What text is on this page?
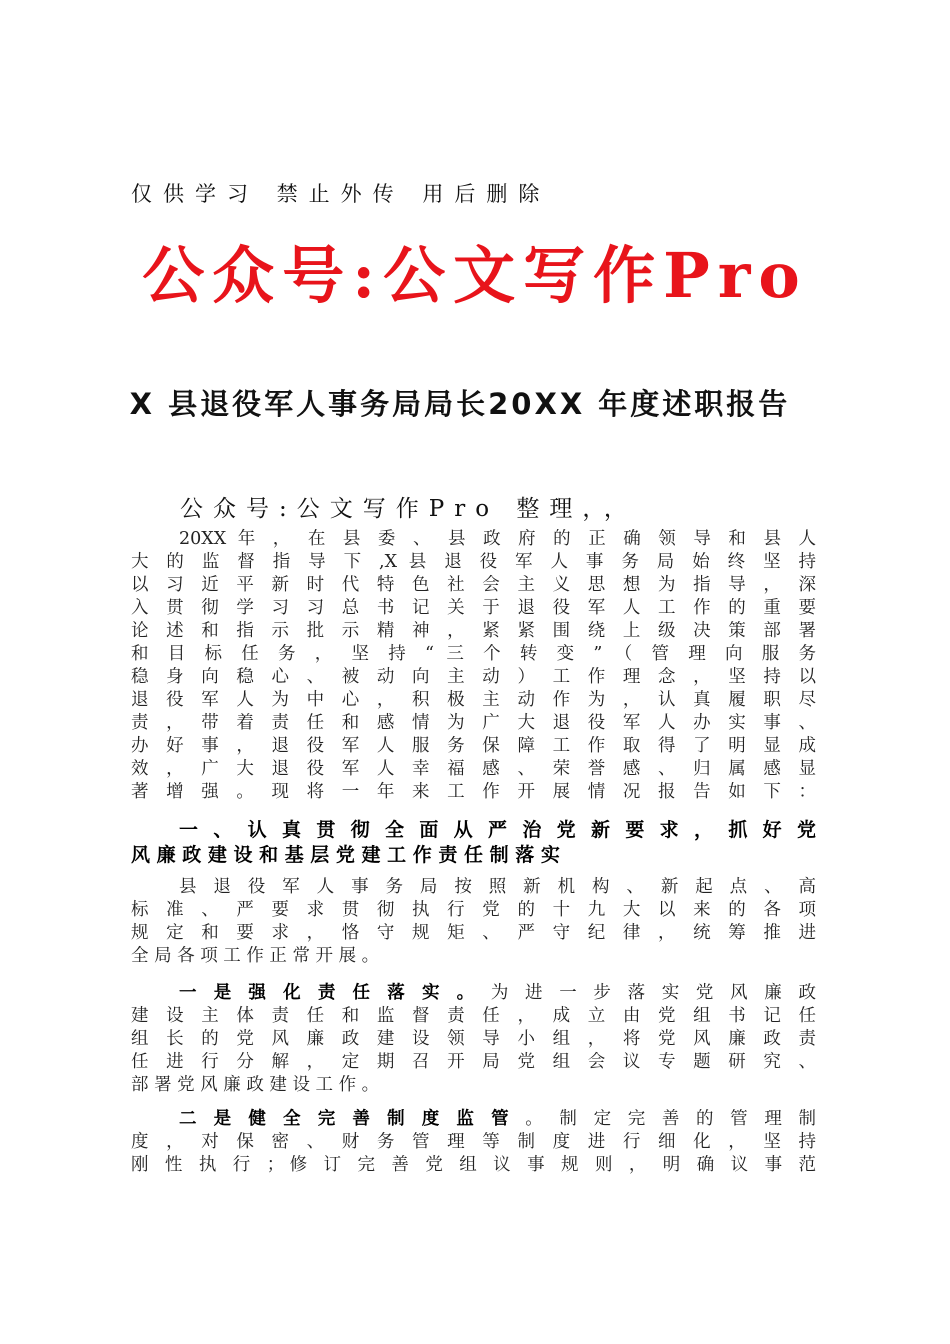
仅供学习 禁止外传 用后删除
公众号:公文写作Pro
X 县退役军人事务局局长20XX 年度述职报告
公众号:公文写作Pro 整理，，
20XX 年 ， 在 县 委 、 县 政 府 的 正 确 领 导 和 县 人
大 的 监 督 指 导 下 ,X 县 退 役 军 人 事 务 局 始 终 坚 持
以 习 近 平 新 时 代 特 色 社 会 主 义 思 想 为 指 导 ， 深
入 贯 彻 学 习 习 总 书 记 关 于 退 役 军 人 工 作 的 重 要
论 述 和 指 示 批 示 精 神 ， 紧 紧 围 绕 上 级 决 策 部 署
和 目 标 任 务 ， 坚 持 “ 三 个 转 变 ” （ 管 理 向 服 务
稳 身 向 稳 心 、 被 动 向 主 动 ） 工 作 理 念 ， 坚 持 以
退 役 军 人 为 中 心 ， 积 极 主 动 作 为 ， 认 真 履 职 尽
责 ， 带 着 责 任 和 感 情 为 广 大 退 役 军 人 办 实 事 、
办 好 事 ， 退 役 军 人 服 务 保 障 工 作 取 得 了 明 显 成
效 ， 广 大 退 役 军 人 幸 福 感 、 荣 誉 感 、 归 属 感 显
著 增 强 。 现 将 一 年 来 工 作 开 展 情 况 报 告 如 下 ：
一 、 认 真 贯 彻 全 面 从 严 治 党 新 要 求 ， 抓 好 党
风 廉 政 建 设 和 基 层 党 建 工 作 责 任 制 落 实
县 退 役 军 人 事 务 局 按 照 新 机 构 、 新 起 点 、 高
标 准 、 严 要 求 贯 彻 执 行 党 的 十 九 大 以 来 的 各 项
规 定 和 要 求 ， 恪 守 规 矩 、 严 守 纪 律 ， 统 筹 推 进
全 局 各 项 工 作 正 常 开 展 。
一 是 强 化 责 任 落 实 。 为 进 一 步 落 实 党 风 廉 政
建 设 主 体 责 任 和 监 督 责 任 ， 成 立 由 党 组 书 记 任
组 长 的 党 风 廉 政 建 设 领 导 小 组 ， 将 党 风 廉 政 责
任 进 行 分 解 ， 定 期 召 开 局 党 组 会 议 专 题 研 究 、
部 署 党 风 廉 政 建 设 工 作 。
二 是 健 全 完 善 制 度 监 管 。 制 定 完 善 的 管 理 制
度 ， 对 保 密 、 财 务 管 理 等 制 度 进 行 细 化 ， 坚 持
刚 性 执 行 ；修 订 完 善 党 组 议 事 规 则 ， 明 确 议 事 范
